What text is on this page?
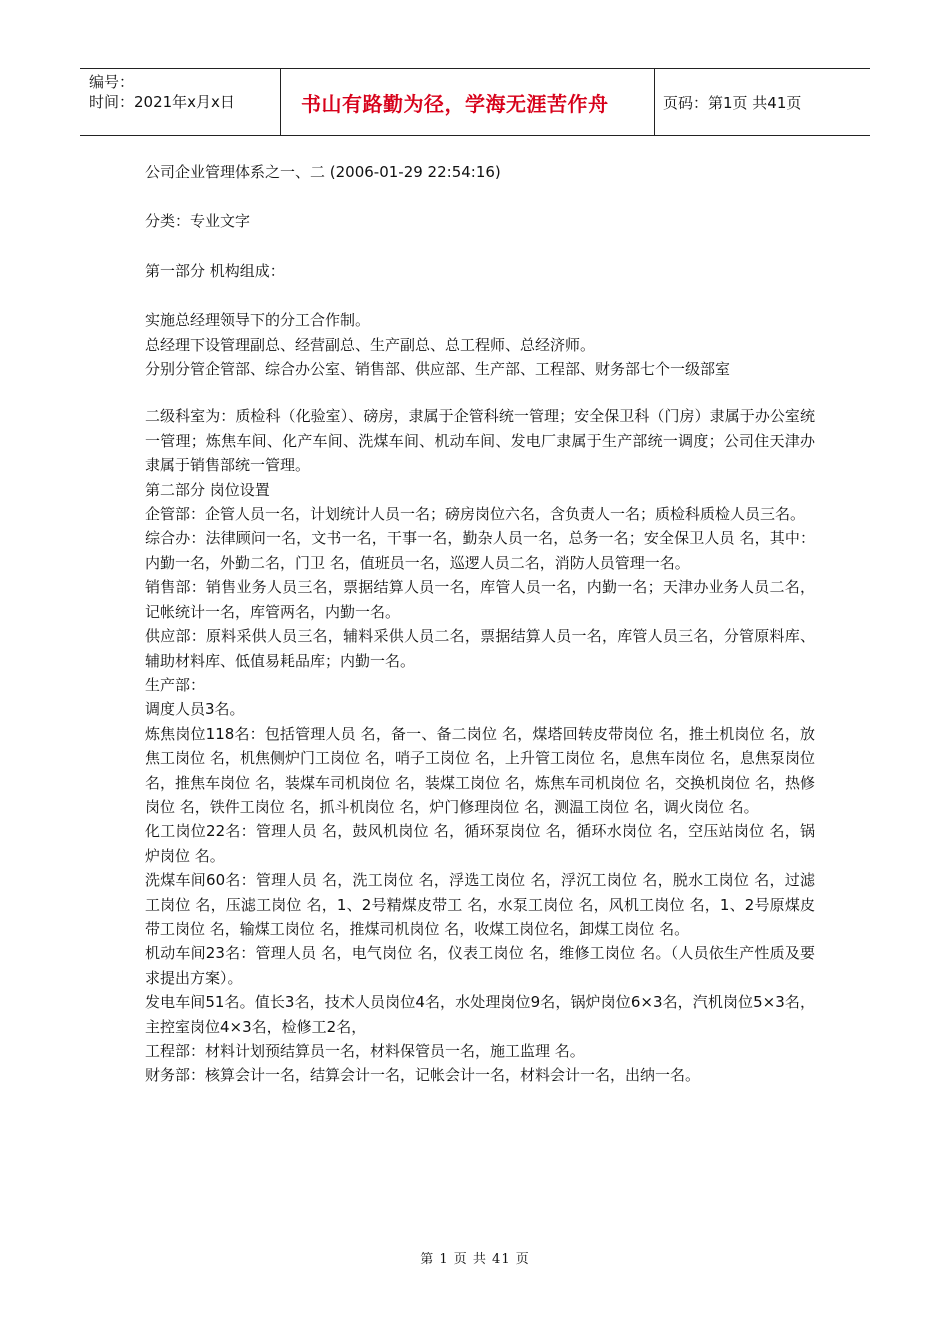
编号：
时间：2021年x月x日	书山有路勤为径，学海无涯苦作舟	页码：第1页 共41页

公司企业管理体系之一、二 (2006-01-29 22:54:16)

分类：专业文字

第一部分 机构组成：

实施总经理领导下的分工合作制。

总经理下设管理副总、经营副总、生产副总、总工程师、总经济师。

分别分管企管部、综合办公室、销售部、供应部、生产部、工程部、财务部七个一级部室

二级科室为：质检科（化验室）、磅房，隶属于企管科统一管理；安全保卫科（门房）隶属于办公室统一管理；炼焦车间、化产车间、洗煤车间、机动车间、发电厂隶属于生产部统一调度；公司住天津办隶属于销售部统一管理。

第二部分 岗位设置

企管部：企管人员一名，计划统计人员一名；磅房岗位六名，含负责人一名；质检科质检人员三名。

综合办：法律顾问一名，文书一名，干事一名，勤杂人员一名，总务一名；安全保卫人员 名，其中：内勤一名，外勤二名，门卫 名，值班员一名，巡逻人员二名，消防人员管理一名。

销售部：销售业务人员三名，票据结算人员一名，库管人员一名，内勤一名；天津办业务人员二名，记帐统计一名，库管两名，内勤一名。

供应部：原料采供人员三名，辅料采供人员二名，票据结算人员一名，库管人员三名，分管原料库、辅助材料库、低值易耗品库；内勤一名。

生产部：

调度人员3名。

炼焦岗位118名：包括管理人员 名，备一、备二岗位 名，煤塔回转皮带岗位 名，推土机岗位 名，放焦工岗位 名，机焦侧炉门工岗位 名，哨子工岗位 名，上升管工岗位 名，息焦车岗位 名，息焦泵岗位 名，推焦车岗位 名，装煤车司机岗位 名，装煤工岗位 名，炼焦车司机岗位 名，交换机岗位 名，热修岗位 名，铁件工岗位 名，抓斗机岗位 名，炉门修理岗位 名，测温工岗位 名，调火岗位 名。

化工岗位22名：管理人员 名，鼓风机岗位 名，循环泵岗位 名，循环水岗位 名，空压站岗位 名，锅炉岗位 名。

洗煤车间60名：管理人员 名，洗工岗位 名，浮选工岗位 名，浮沉工岗位 名，脱水工岗位 名，过滤工岗位 名，压滤工岗位 名，1、2号精煤皮带工 名，水泵工岗位 名，风机工岗位 名，1、2号原煤皮带工岗位 名，输煤工岗位 名，推煤司机岗位 名，收煤工岗位名，卸煤工岗位 名。

机动车间23名：管理人员 名，电气岗位 名，仪表工岗位 名，维修工岗位 名。（人员依生产性质及要求提出方案）。

发电车间51名。值长3名，技术人员岗位4名，水处理岗位9名，锅炉岗位6×3名，汽机岗位5×3名，主控室岗位4×3名，检修工2名，

工程部：材料计划预结算员一名，材料保管员一名，施工监理 名。

财务部：核算会计一名，结算会计一名，记帐会计一名，材料会计一名，出纳一名。

第 1 页 共 41 页
